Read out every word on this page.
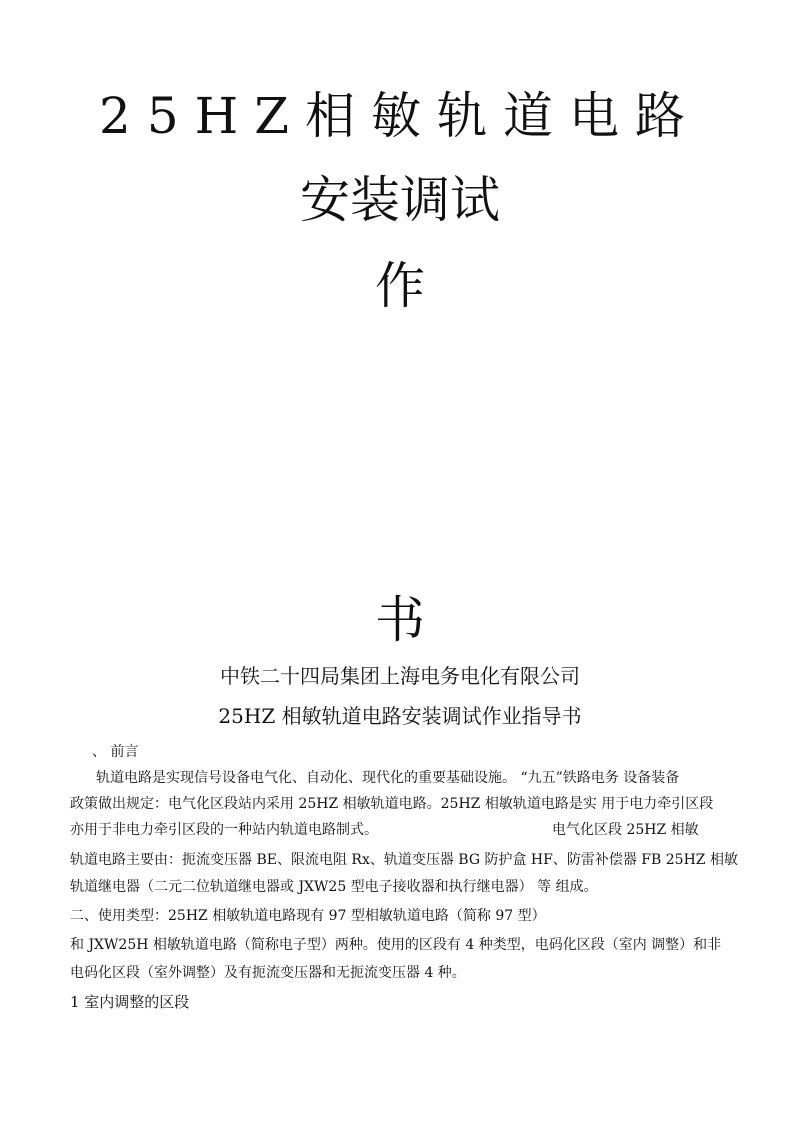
25HZ相敏轨道电路
安装调试
作
书
中铁二十四局集团上海电务电化有限公司
25HZ 相敏轨道电路安装调试作业指导书
、 前言
轨道电路是实现信号设备电气化、自动化、现代化的重要基础设施。 “九五”铁路电务 设备装备
政策做出规定：电气化区段站内采用 25HZ 相敏轨道电路。25HZ 相敏轨道电路是实 用于电力牵引区段
亦用于非电力牵引区段的一种站内轨道电路制式。	电气化区段 25HZ 相敏
轨道电路主要由：扼流变压器 BE、限流电阻 Rx、轨道变压器 BG 防护盒 HF、防雷补偿器 FB 25HZ 相敏
轨道继电器（二元二位轨道继电器或 JXW25 型电子接收器和执行继电器） 等 组成。
二、使用类型：25HZ 相敏轨道电路现有 97 型相敏轨道电路（简称 97 型）
和 JXW25H 相敏轨道电路（简称电子型）两种。使用的区段有 4 种类型，电码化区段（室内 调整）和非
电码化区段（室外调整）及有扼流变压器和无扼流变压器 4 种。
1 室内调整的区段
